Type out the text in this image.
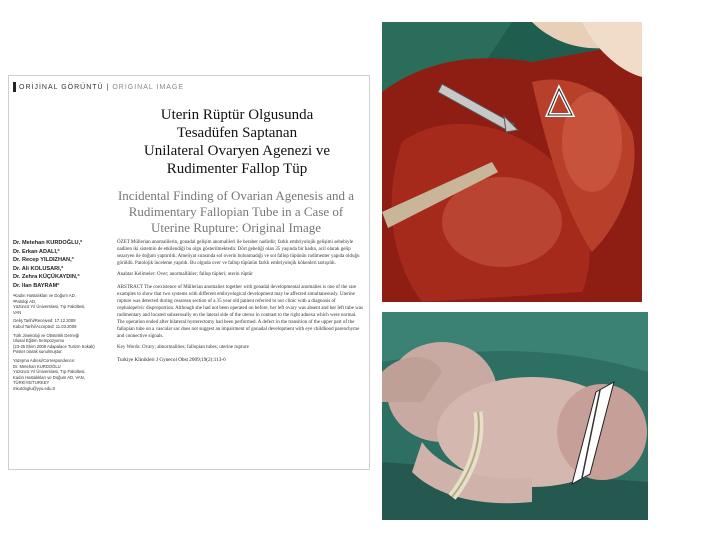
ORİJİNAL GÖRÜNTÜ | ORIGINAL IMAGE
Uterin Rüptür Olgusunda
Tesadüfen Saptanan
Unilateral Ovaryen Agenezi ve
Rudimenter Fallop Tüp
Incidental Finding of Ovarian Agenesis and a
Rudimentary Fallopian Tube in a Case of
Uterine Rupture: Original Image
Dr. Metehan KURDOĞLU,ª
Dr. Erkan ADALI,ª
Dr. Recep YILDIZHAN,ª
Dr. Ali KOLUSARI,ª
Dr. Zehra KÜÇÜKAYDIN,ª
Dr. Ilan BAYRAMª
ªKadın Hastalıkları ve Doğum AD,
ªPatoloji AD,
Yüzüncü Yıl Üniversitesi, Tıp Fakültesi,
VAN
Geliş Tarihi/Received: 17.12.2008
Kabul Tarihi/Accepted: 11.03.2009
Türk Jinekoloji ve Obstetrik Derneği
Ulusal Eğitim Sempozyumu
(23-25 Ekim 2008 Adapalace Turizm Sokak)
Poster olarak sunulmuştur.
Yazışma Adresi/Correspondence:
Dr. Metehan KURDOĞLU
Yüzüncü Yıl Üniversitesi, Tıp Fakültesi,
Kadın Hastalıkları ve Doğum AD, VAN,
TÜRKİYE/TURKEY
mkurdoglu@yyu.edu.tr

ÖZET Müllerian anomalilerin, gonadal gelişim anomalileri ile beraber nadirdir; farklı embriyolojik gelişimi sebebiyle nadiren iki sistemin de etkilendiği bu olgu gösterilmektedir. Dört gebeliği olan 35 yaşında bir kadın, acil olarak gelip sezaryen ile doğum yaptırıldı. Ameliyat sırasında sol overin bulunmadığı ve sol fallop tüpünün rudimenter yapıda olduğu görüldü. Patolojik inceleme yapıldı. Bu olguda over ve fallop tüpünün farklı embriyolojik kökenleri tartışıldı.

Anahtar Kelimeler: Over; anormallikler; fallop tüpleri; uterin rüptür

ABSTRACT The coexistence of Müllerian anomalies together with gonadal developmental anomalies is one of the rare examples to show that two systems with different embryological development may be affected simultaneously. Uterine rupture was detected during cesarean section of a 35 year old patient referred to our clinic with a diagnosis of cephalopelvic disproportion. Although she had not been operated on before, her left ovary was absent and her left tube was rudimentary and located subserosally on the lateral side of the uterus in contrast to the right adnexa which were normal. The operation ended after bilateral hysterectomy had been performed. A defect in the transition of the upper part of the fallopian tube on a vascular sac does not suggest an impairment of gonadal development with eye childhood parenchyme and connective signals.

Key Words: Ovary; abnormalities; fallopian tubes; uterine rupture

Turkiye Klinikleri J Gynecol Obst 2009;19(2):113-6
